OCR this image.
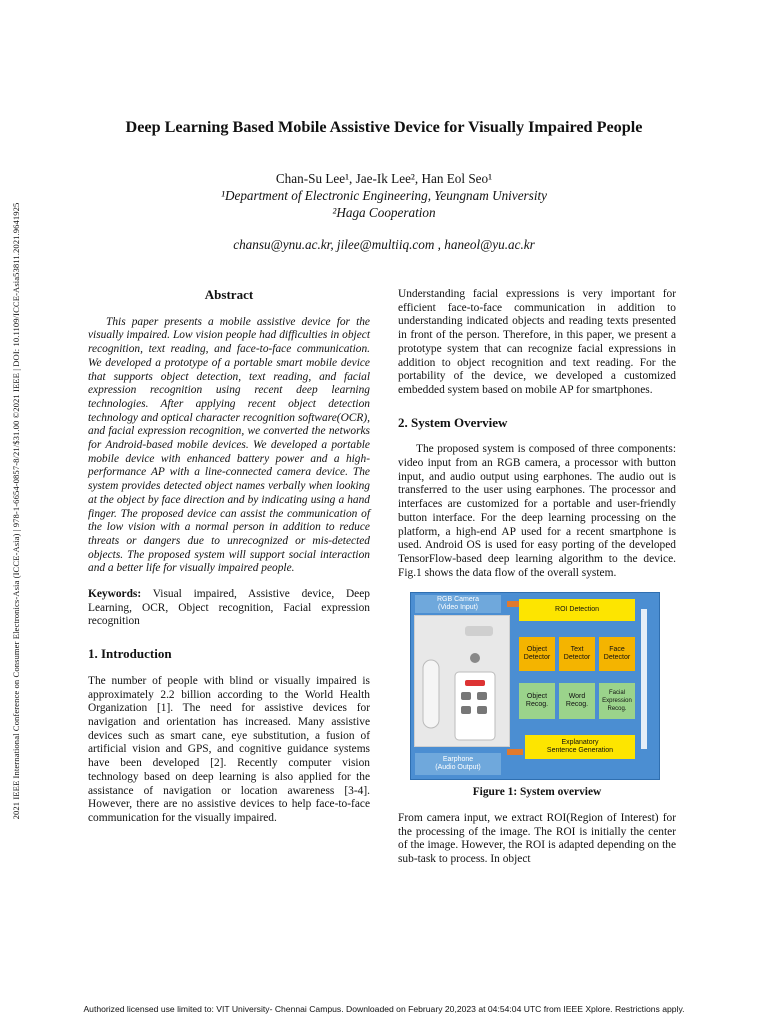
2021 IEEE International Conference on Consumer Electronics-Asia (ICCE-Asia) | 978-1-6654-0857-8/21/$31.00 ©2021 IEEE | DOI: 10.1109/ICCE-Asia53811.2021.9641925
Deep Learning Based Mobile Assistive Device for Visually Impaired People
Chan-Su Lee¹, Jae-Ik Lee², Han Eol Seo¹
¹Department of Electronic Engineering, Yeungnam University
²Haga Cooperation
chansu@ynu.ac.kr, jilee@multiiq.com , haneol@yu.ac.kr
Abstract

This paper presents a mobile assistive device for the visually impaired. Low vision people had difficulties in object recognition, text reading, and face-to-face communication. We developed a prototype of a portable smart mobile device that supports object detection, text reading, and facial expression recognition using recent deep learning technologies. After applying recent object detection technology and optical character recognition software(OCR), and facial expression recognition, we converted the networks for Android-based mobile devices. We developed a portable mobile device with enhanced battery power and a high-performance AP with a line-connected camera device. The system provides detected object names verbally when looking at the object by face direction and by indicating using a hand finger. The proposed device can assist the communication of the low vision with a normal person in addition to reduce threats or dangers due to unrecognized or mis-detected objects. The proposed system will support social interaction and a better life for visually impaired people.

Keywords: Visual impaired, Assistive device, Deep Learning, OCR, Object recognition, Facial expression recognition

1. Introduction

The number of people with blind or visually impaired is approximately 2.2 billion according to the World Health Organization [1]. The need for assistive devices for navigation and orientation has increased. Many assistive devices such as smart cane, eye substitution, a fusion of artificial vision and GPS, and cognitive guidance systems have been developed [2]. Recently computer vision technology based on deep learning is also applied for the assistance of navigation or location awareness [3-4]. However, there are no assistive devices to help face-to-face communication for the visually impaired.

Understanding facial expressions is very important for efficient face-to-face communication in addition to understanding indicated objects and reading texts presented in front of the person. Therefore, in this paper, we present a prototype system that can recognize facial expressions in addition to object recognition and text reading. For the portability of the device, we developed a customized embedded system based on mobile AP for smartphones.

2. System Overview

The proposed system is composed of three components: video input from an RGB camera, a processor with button input, and audio output using earphones. The audio out is transferred to the user using earphones. The processor and interfaces are customized for a portable and user-friendly button interface. For the deep learning processing on the platform, a high-end AP used for a recent smartphone is used. Android OS is used for easy porting of the developed TensorFlow-based deep learning algorithm to the device. Fig.1 shows the data flow of the overall system.

RGB Camera
(Video Input)	ROI Detection
Object
Detector
Text
Detector
Face
Detector
Object
Recog.
Word
Recog.
Facial
Expression
Recog.
Explanatory
Sentence Generation
Earphone
(Audio Output)
Figure 1: System overview

From camera input, we extract ROI(Region of Interest) for the processing of the image. The ROI is initially the center of the image. However, the ROI is adapted depending on the sub-task to process. In object

Authorized licensed use limited to: VIT University- Chennai Campus. Downloaded on February 20,2023 at 04:54:04 UTC from IEEE Xplore. Restrictions apply.
